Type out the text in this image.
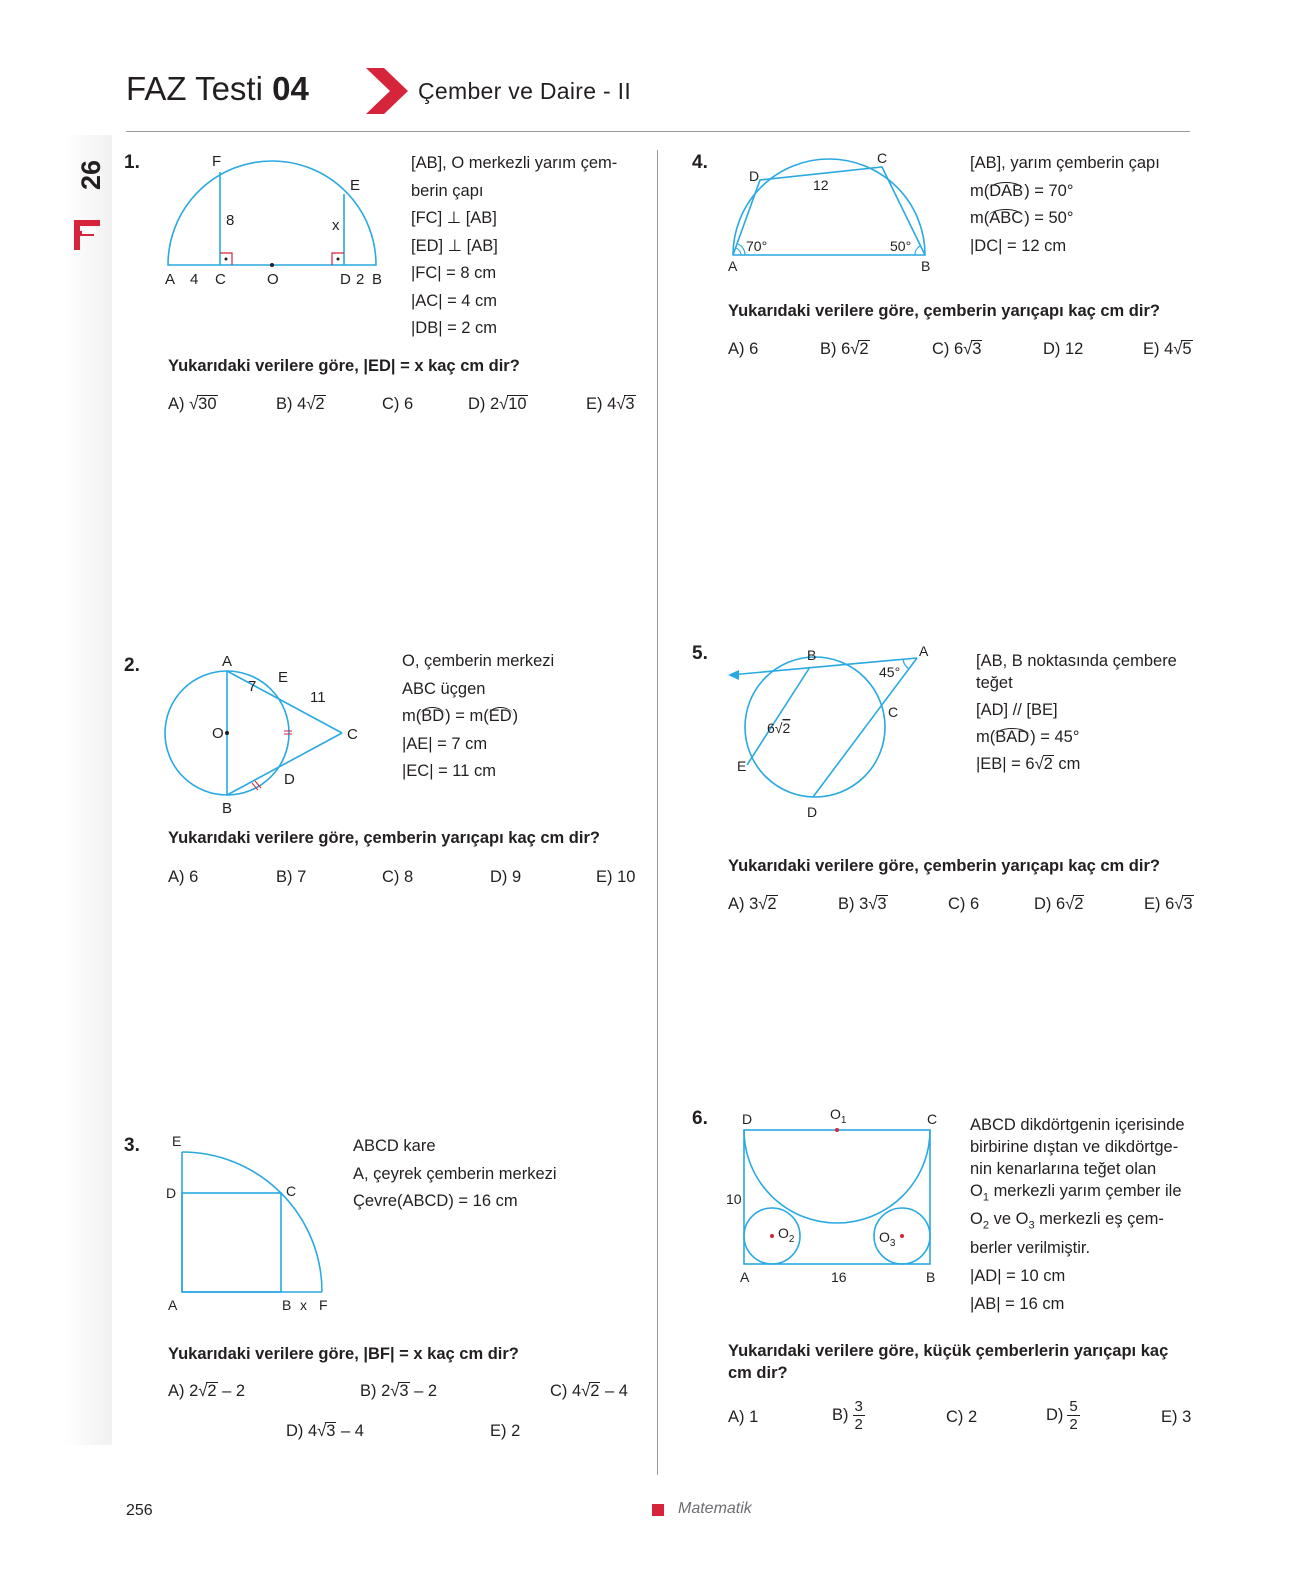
26
FAZ Testi 04	Çember ve Daire - II
1.	F
E
8	x
A 4 C	O	D 2 B
[AB], O merkezli yarım çem-
berin çapı
[FC] ⊥ [AB]
[ED] ⊥ [AB]
|FC| = 8 cm
|AC| = 4 cm
|DB| = 2 cm
Yukarıdaki verilere göre, |ED| = x kaç cm dir?
A) √30	B) 4√2	C) 6	D) 2√10	E) 4√3
2.	A
E
7
11
O	C
D
B
O, çemberin merkezi
ABC üçgen
m(BD) = m(ED)
|AE| = 7 cm
|EC| = 11 cm
Yukarıdaki verilere göre, çemberin yarıçapı kaç cm dir?
A) 6	B) 7	C) 8	D) 9	E) 10
3. E
D	C
A	B x F
ABCD kare
A, çeyrek çemberin merkezi
Çevre(ABCD) = 16 cm
Yukarıdaki verilere göre, |BF| = x kaç cm dir?
A) 2√2 – 2	B) 2√3 – 2	C) 4√2 – 4
D) 4√3 – 4	E) 2
4.
A	B
D
C
12
70°	50°
[AB], yarım çemberin çapı
m(DAB) = 70°
m(ABC) = 50°
|DC| = 12 cm
Yukarıdaki verilere göre, çemberin yarıçapı kaç cm dir?
A) 6	B) 6√2	C) 6√3	D) 12	E) 4√5
5.	B	A
45°
C
6√2
E
D
[AB, B noktasında çembere teğet
[AD] // [BE]
m(BAD) = 45°
|EB| = 6√2 cm
Yukarıdaki verilere göre, çemberin yarıçapı kaç cm dir?
A) 3√2	B) 3√3	C) 6	D) 6√2	E) 6√3
6. D	C
$O_1$
10
$O_2$	$O_3$
A	16	B
ABCD dikdörtgenin içerisinde
birbirine dıştan ve dikdörtge-
nin kenarlarına teğet olan
$O_1$ merkezli yarım çember ile
$O_2$ ve $O_3$ merkezli eş çem-
berler verilmiştir.
|AD| = 10 cm
|AB| = 16 cm
Yukarıdaki verilere göre, küçük çemberlerin yarıçapı kaç cm dir?
A) 1	$B) \frac{3}{2}$	C) 2	$D) \frac{5}{2}$	E) 3
256	Matematik
